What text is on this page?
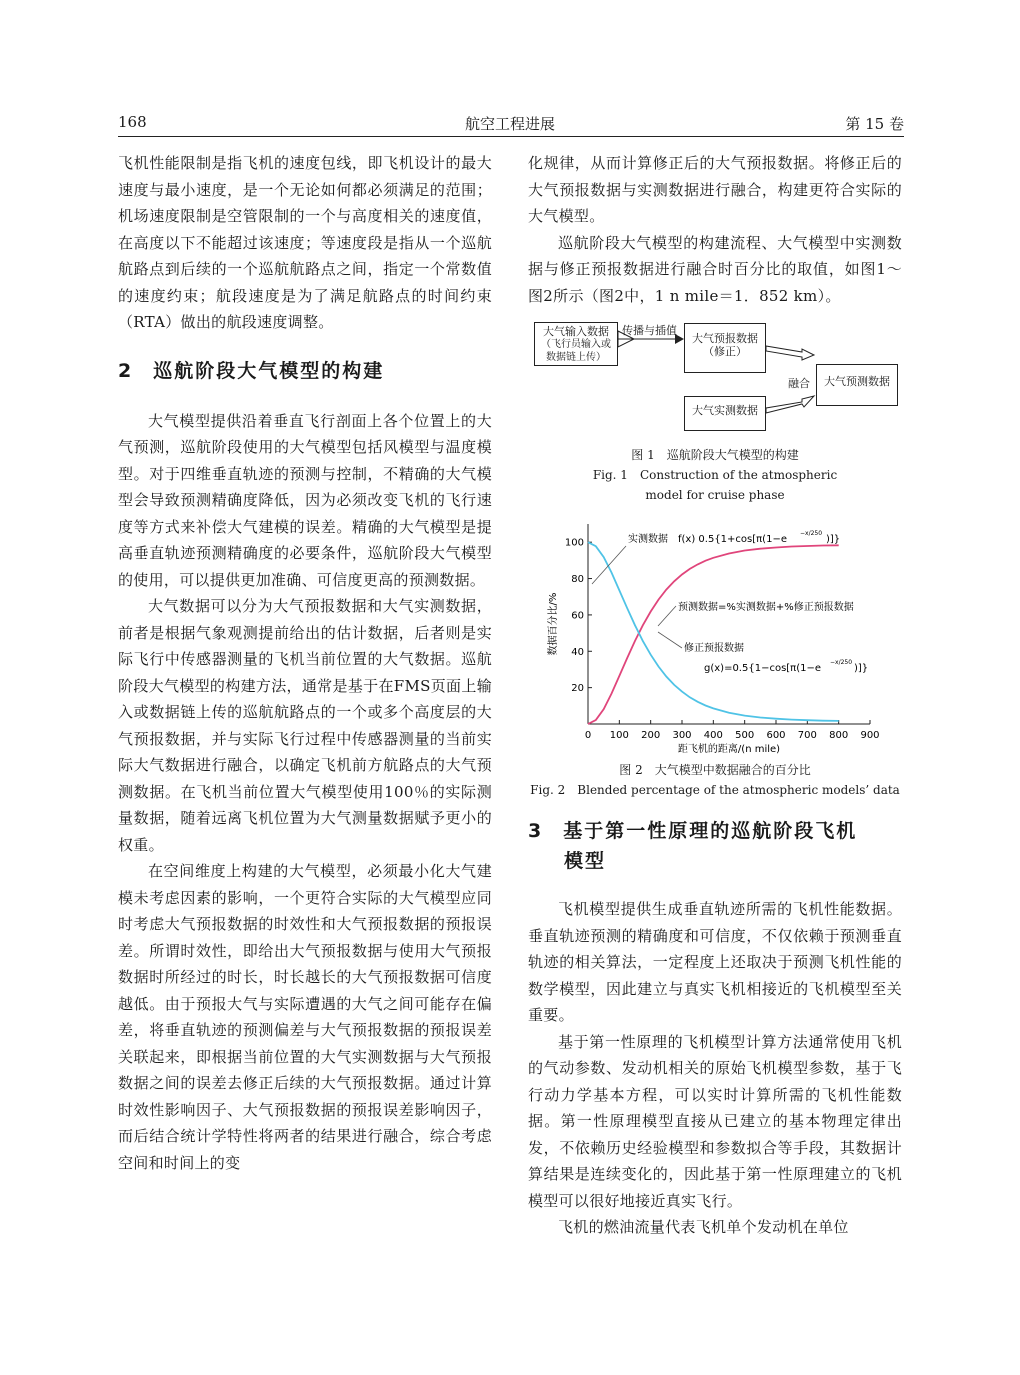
168	航空工程进展	第 15 卷

飞机性能限制是指飞机的速度包线，即飞机设计的最大速度与最小速度，是一个无论如何都必须满足的范围；机场速度限制是空管限制的一个与高度相关的速度值，在高度以下不能超过该速度；等速度段是指从一个巡航航路点到后续的一个巡航航路点之间，指定一个常数值的速度约束；航段速度是为了满足航路点的时间约束（RTA）做出的航段速度调整。

2 巡航阶段大气模型的构建

大气模型提供沿着垂直飞行剖面上各个位置上的大气预测，巡航阶段使用的大气模型包括风模型与温度模型。对于四维垂直轨迹的预测与控制，不精确的大气模型会导致预测精确度降低，因为必须改变飞机的飞行速度等方式来补偿大气建模的误差。精确的大气模型是提高垂直轨迹预测精确度的必要条件，巡航阶段大气模型的使用，可以提供更加准确、可信度更高的预测数据。

大气数据可以分为大气预报数据和大气实测数据，前者是根据气象观测提前给出的估计数据，后者则是实际飞行中传感器测量的飞机当前位置的大气数据。巡航阶段大气模型的构建方法，通常是基于在FMS页面上输入或数据链上传的巡航航路点的一个或多个高度层的大气预报数据，并与实际飞行过程中传感器测量的当前实际大气数据进行融合，以确定飞机前方航路点的大气预测数据。在飞机当前位置大气模型使用100％的实际测量数据，随着远离飞机位置为大气测量数据赋予更小的权重。

在空间维度上构建的大气模型，必须最小化大气建模未考虑因素的影响，一个更符合实际的大气模型应同时考虑大气预报数据的时效性和大气预报数据的预报误差。所谓时效性，即给出大气预报数据与使用大气预报数据时所经过的时长，时长越长的大气预报数据可信度越低。由于预报大气与实际遭遇的大气之间可能存在偏差，将垂直轨迹的预测偏差与大气预报数据的预报误差关联起来，即根据当前位置的大气实测数据与大气预报数据之间的误差去修正后续的大气预报数据。通过计算时效性影响因子、大气预报数据的预报误差影响因子，而后结合统计学特性将两者的结果进行融合，综合考虑空间和时间上的变

化规律，从而计算修正后的大气预报数据。将修正后的大气预报数据与实测数据进行融合，构建更符合实际的大气模型。

巡航阶段大气模型的构建流程、大气模型中实测数据与修正预报数据进行融合时百分比的取值，如图1～图2所示（图2中，1 n mile＝1．852 km）。

大气输入数据
（飞行员输入或
数据链上传）
传播与插值
大气预报数据
（修正）
大气实测数据
融合	大气预测数据
图 1　巡航阶段大气模型的构建
Fig. 1　Construction of the atmospheric
model for cruise phase
0 100 200 300 400 500 600 700 800 900
20
40
60
80
100
距飞机的距离/(n mile)
数据百分比/%
实测数据 f(x) 0.5{1+cos[π(1−e
−x/250
)]}
预测数据=%实测数据+%修正预报数据
修正预报数据
g(x)=0.5{1−cos[π(1−e
−x/250
)]}
图 2　大气模型中数据融合的百分比
Fig. 2　Blended percentage of the atmospheric models’ data
3 基于第一性原理的巡航阶段飞机
模型

飞机模型提供生成垂直轨迹所需的飞机性能数据。垂直轨迹预测的精确度和可信度，不仅依赖于预测垂直轨迹的相关算法，一定程度上还取决于预测飞机性能的数学模型，因此建立与真实飞机相接近的飞机模型至关重要。

基于第一性原理的飞机模型计算方法通常使用飞机的气动参数、发动机相关的原始飞机模型参数，基于飞行动力学基本方程，可以实时计算所需的飞机性能数据。第一性原理模型直接从已建立的基本物理定律出发，不依赖历史经验模型和参数拟合等手段，其数据计算结果是连续变化的，因此基于第一性原理建立的飞机模型可以很好地接近真实飞行。

飞机的燃油流量代表飞机单个发动机在单位
